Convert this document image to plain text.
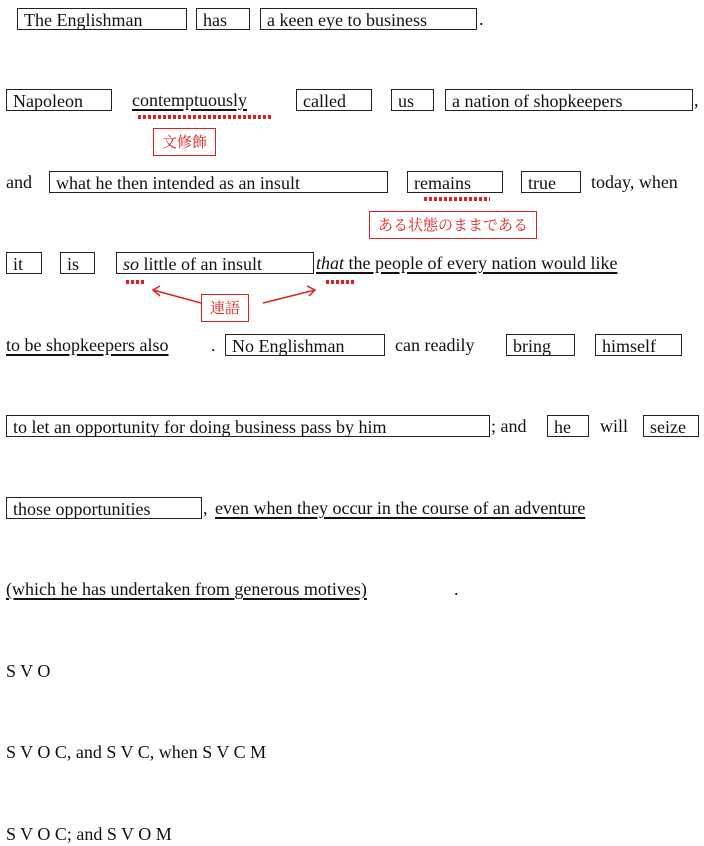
The Englishman	has	a keen eye to business	.
Napoleon	contemptuously	called	us	a nation of shopkeepers	,
文修飾
and	what he then intended as an insult	remains	true	today, when
ある状態のままである
it	is	so little of an insult	that the people of every nation would like
連語
to be shopkeepers also . No Englishman	can readily	bring	himself
to let an opportunity for doing business pass by him	; and	he	will	seize
those opportunities	, even when they occur in the course of an adventure
(which he has undertaken from generous motives)	.
S V O
S V O C, and S V C, when S V C M
S V O C; and S V O M
